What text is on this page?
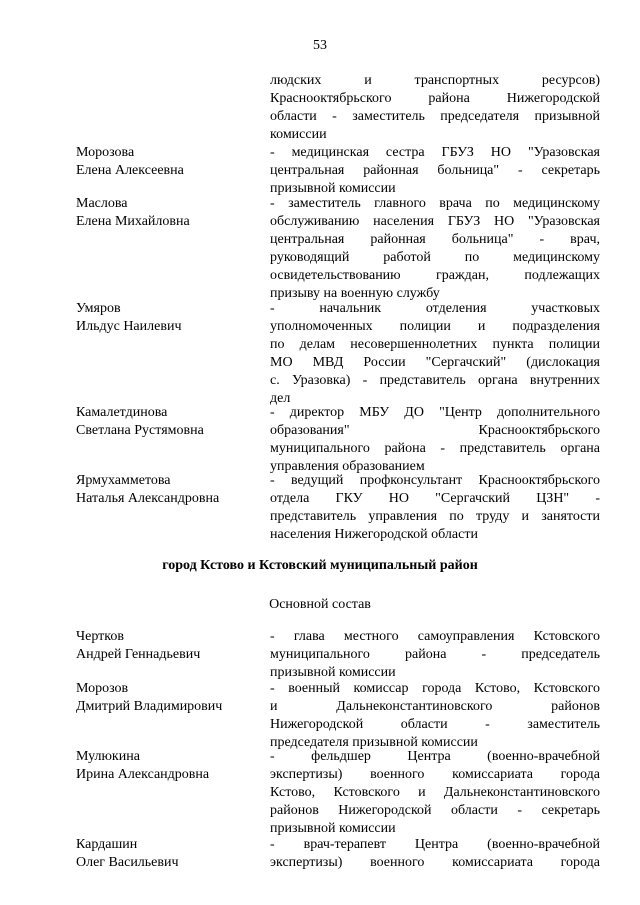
53
людских и транспортных ресурсов)
Краснооктябрьского района Нижегородской
области - заместитель председателя призывной
комиссии
Морозова
Елена Алексеевна
- медицинская сестра ГБУЗ НО "Уразовская
центральная районная больница" - секретарь
призывной комиссии
Маслова
Елена Михайловна
- заместитель главного врача по медицинскому
обслуживанию населения ГБУЗ НО "Уразовская
центральная районная больница" - врач,
руководящий работой по медицинскому
освидетельствованию граждан, подлежащих
призыву на военную службу
Умяров
Ильдус Наилевич
- начальник отделения участковых
уполномоченных полиции и подразделения
по делам несовершеннолетних пункта полиции
МО МВД России "Сергачский" (дислокация
с. Уразовка) - представитель органа внутренних
дел
Камалетдинова
Светлана Рустямовна
- директор МБУ ДО "Центр дополнительного
образования" Краснооктябрьского
муниципального района - представитель органа
управления образованием
Ярмухамметова
Наталья Александровна
- ведущий профконсультант Краснооктябрьского
отдела ГКУ НО "Сергачский ЦЗН" -
представитель управления по труду и занятости
населения Нижегородской области
город Кстово и Кстовский муниципальный район
Основной состав
Чертков
Андрей Геннадьевич
- глава местного самоуправления Кстовского
муниципального района - председатель
призывной комиссии
Морозов
Дмитрий Владимирович
- военный комиссар города Кстово, Кстовского
и Дальнеконстантиновского районов
Нижегородской области - заместитель
председателя призывной комиссии
Мулюкина
Ирина Александровна
- фельдшер Центра (военно-врачебной
экспертизы) военного комиссариата города
Кстово, Кстовского и Дальнеконстантиновского
районов Нижегородской области - секретарь
призывной комиссии
Кардашин
Олег Васильевич
- врач-терапевт Центра (военно-врачебной
экспертизы) военного комиссариата города
